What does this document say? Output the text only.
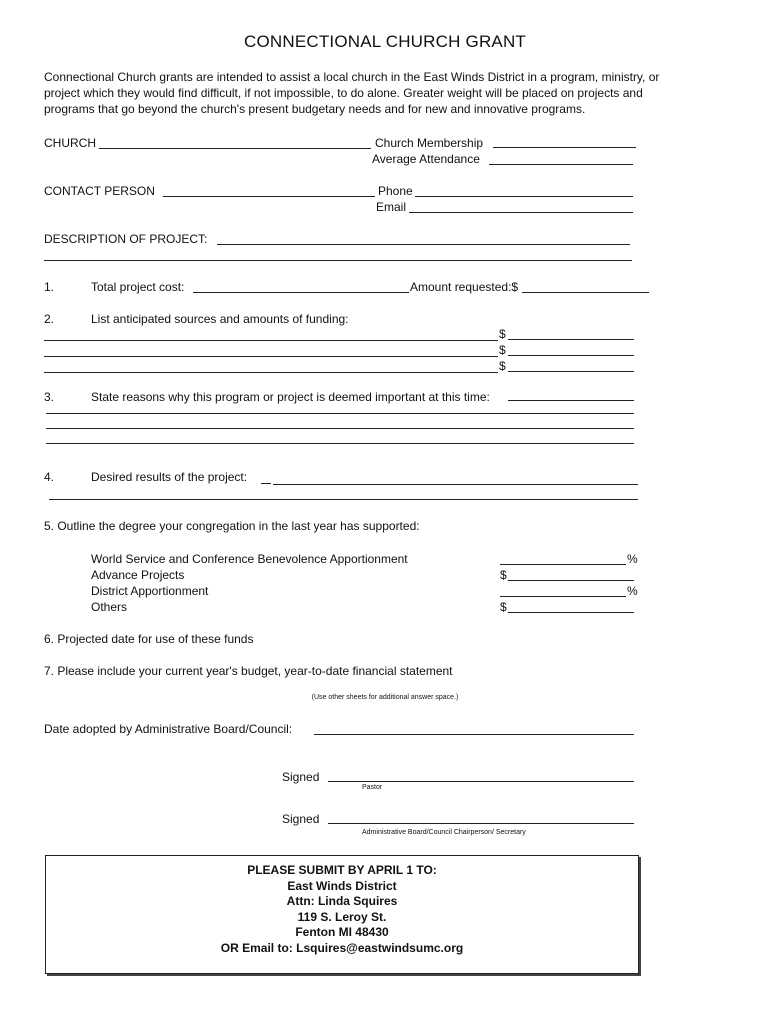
CONNECTIONAL CHURCH GRANT
Connectional Church grants are intended to assist a local church in the East Winds District in a program, ministry, or
project which they would find difficult, if not impossible, to do alone. Greater weight will be placed on projects and
programs that go beyond the church's present budgetary needs and for new and innovative programs.
CHURCH	Church Membership
Average Attendance
CONTACT PERSON	Phone
Email
DESCRIPTION OF PROJECT:
1.	Total project cost:	Amount requested:$
2.	List anticipated sources and amounts of funding:
$
$
$
3.	State reasons why this program or project is deemed important at this time:
4.	Desired results of the project:
5. Outline the degree your congregation in the last year has supported:
World Service and Conference Benevolence Apportionment	%
Advance Projects	$
District Apportionment	%
Others	$
6. Projected date for use of these funds
7. Please include your current year's budget, year-to-date financial statement
(Use other sheets for additional answer space.)
Date adopted by Administrative Board/Council:
Signed
Pastor
Signed
Administrative Board/Council Chairperson/ Secretary
PLEASE SUBMIT BY APRIL 1 TO:
East Winds District
Attn: Linda Squires
119 S. Leroy St.
Fenton MI 48430
OR Email to: Lsquires@eastwindsumc.org
